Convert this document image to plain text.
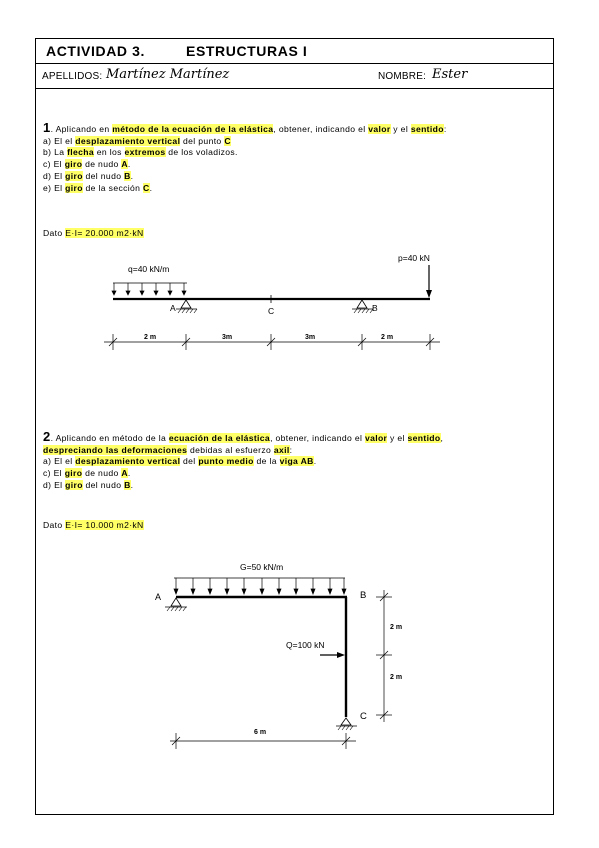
ACTIVIDAD 3.	ESTRUCTURAS I
APELLIDOS: Martínez Martínez	NOMBRE: Ester
1. Aplicando en método de la ecuación de la elástica, obtener, indicando el valor y el sentido:
a) El el desplazamiento vertical del punto C
b) La flecha en los extremos de los voladizos.
c) El giro de nudo A.
d) El giro del nudo B.
e) El giro de la sección C.
Dato E·I= 20.000 m2·kN
q=40 kN/m
A	C	B
p=40 kN
2 m	3m	3m	2 m
2. Aplicando en método de la ecuación de la elástica, obtener, indicando el valor y el sentido,
despreciando las deformaciones debidas al esfuerzo axil:
a) El el desplazamiento vertical del punto medio de la viga AB.
c) El giro de nudo A.
d) El giro del nudo B.
Dato E·I= 10.000 m2·kN
G=50 kN/m
A	B
C
Q=100 kN
6 m
2 m
2 m
